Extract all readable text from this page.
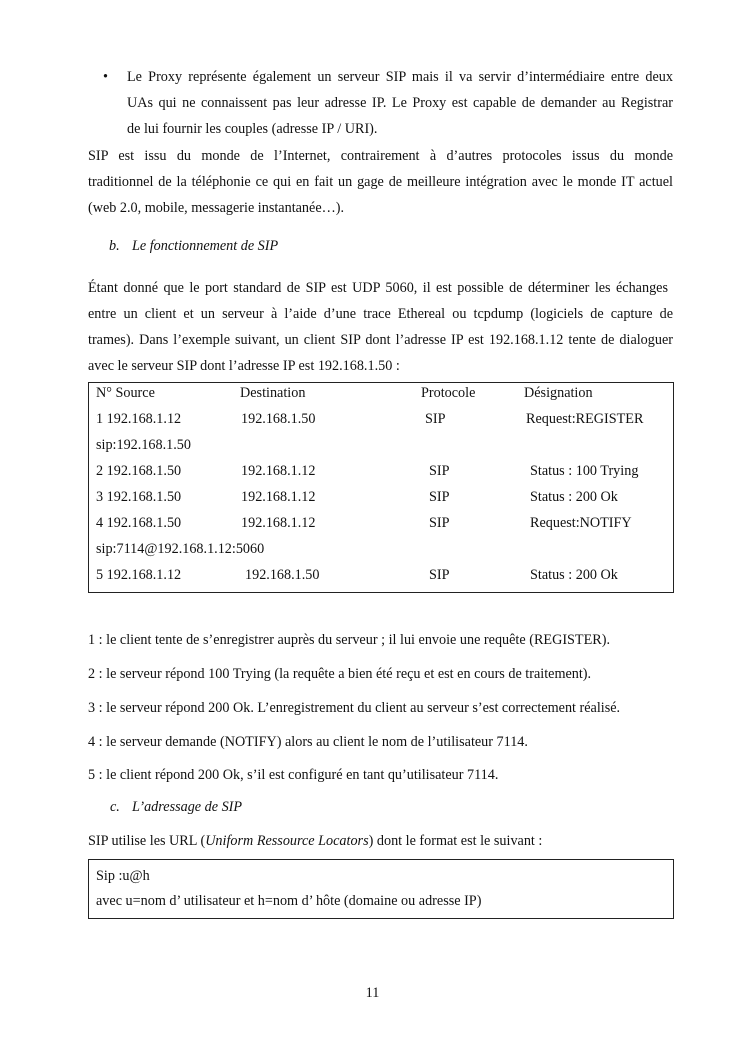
• Le Proxy représente également un serveur SIP mais il va servir d’intermédiaire entre deux
UAs qui ne connaissent pas leur adresse IP. Le Proxy est capable de demander au Registrar
de lui fournir les couples (adresse IP / URI).
SIP est issu du monde de l’Internet, contrairement à d’autres protocoles issus du monde
traditionnel de la téléphonie ce qui en fait un gage de meilleure intégration avec le monde IT actuel
(web 2.0, mobile, messagerie instantanée…).
b. Le fonctionnement de SIP
Étant donné que le port standard de SIP est UDP 5060, il est possible de déterminer les échanges
entre un client et un serveur à l’aide d’une trace Ethereal ou tcpdump (logiciels de capture de
trames). Dans l’exemple suivant, un client SIP dont l’adresse IP est 192.168.1.12 tente de dialoguer
avec le serveur SIP dont l’adresse IP est 192.168.1.50 :
N° Source	Destination	Protocole	Désignation
1 192.168.1.12	192.168.1.50	SIP	Request:REGISTER
sip:192.168.1.50
2 192.168.1.50	192.168.1.12	SIP	Status : 100 Trying
3 192.168.1.50	192.168.1.12	SIP	Status : 200 Ok
4 192.168.1.50	192.168.1.12	SIP	Request:NOTIFY
sip:7114@192.168.1.12:5060
5 192.168.1.12	192.168.1.50	SIP	Status : 200 Ok
1 : le client tente de s’enregistrer auprès du serveur ; il lui envoie une requête (REGISTER).
2 : le serveur répond 100 Trying (la requête a bien été reçu et est en cours de traitement).
3 : le serveur répond 200 Ok. L’enregistrement du client au serveur s’est correctement réalisé.
4 : le serveur demande (NOTIFY) alors au client le nom de l’utilisateur 7114.
5 : le client répond 200 Ok, s’il est configuré en tant qu’utilisateur 7114.
c. L’adressage de SIP
SIP utilise les URL (Uniform Ressource Locators) dont le format est le suivant :
Sip :u@h
avec u=nom d’ utilisateur et h=nom d’ hôte (domaine ou adresse IP)
11
